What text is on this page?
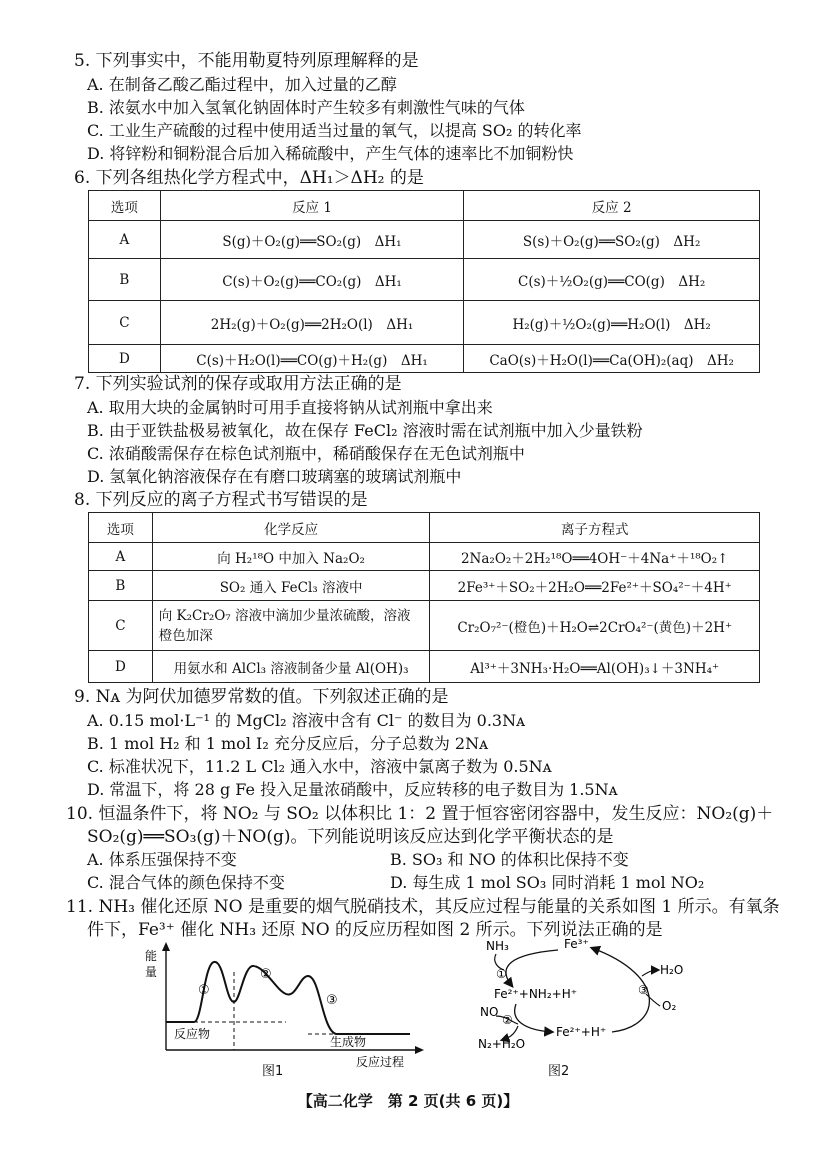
5. 下列事实中，不能用勒夏特列原理解释的是
A. 在制备乙酸乙酯过程中，加入过量的乙醇
B. 浓氨水中加入氢氧化钠固体时产生较多有刺激性气味的气体
C. 工业生产硫酸的过程中使用适当过量的氧气，以提高 SO₂ 的转化率
D. 将锌粉和铜粉混合后加入稀硫酸中，产生气体的速率比不加铜粉快
6. 下列各组热化学方程式中，ΔH₁＞ΔH₂ 的是
选项	反应 1	反应 2
A	S(g)＋O₂(g)══SO₂(g)　ΔH₁	S(s)＋O₂(g)══SO₂(g)　ΔH₂
B	C(s)＋O₂(g)══CO₂(g)　ΔH₁	C(s)＋½O₂(g)══CO(g)　ΔH₂
C	2H₂(g)＋O₂(g)══2H₂O(l)　ΔH₁	H₂(g)＋½O₂(g)══H₂O(l)　ΔH₂
D	C(s)＋H₂O(l)══CO(g)＋H₂(g)　ΔH₁	CaO(s)＋H₂O(l)══Ca(OH)₂(aq)　ΔH₂
7. 下列实验试剂的保存或取用方法正确的是
A. 取用大块的金属钠时可用手直接将钠从试剂瓶中拿出来
B. 由于亚铁盐极易被氧化，故在保存 FeCl₂ 溶液时需在试剂瓶中加入少量铁粉
C. 浓硝酸需保存在棕色试剂瓶中，稀硝酸保存在无色试剂瓶中
D. 氢氧化钠溶液保存在有磨口玻璃塞的玻璃试剂瓶中
8. 下列反应的离子方程式书写错误的是
选项	化学反应	离子方程式
A	向 H₂¹⁸O 中加入 Na₂O₂	2Na₂O₂＋2H₂¹⁸O══4OH⁻＋4Na⁺＋¹⁸O₂↑
B	SO₂ 通入 FeCl₃ 溶液中	2Fe³⁺＋SO₂＋2H₂O══2Fe²⁺＋SO₄²⁻＋4H⁺
C	向 K₂Cr₂O₇ 溶液中滴加少量浓硫酸，溶液
橙色加深	Cr₂O₇²⁻(橙色)＋H₂O⇌2CrO₄²⁻(黄色)＋2H⁺
D	用氨水和 AlCl₃ 溶液制备少量 Al(OH)₃	Al³⁺＋3NH₃·H₂O══Al(OH)₃↓＋3NH₄⁺
9. Nᴀ 为阿伏加德罗常数的值。下列叙述正确的是
A. 0.15 mol·L⁻¹ 的 MgCl₂ 溶液中含有 Cl⁻ 的数目为 0.3Nᴀ
B. 1 mol H₂ 和 1 mol I₂ 充分反应后，分子总数为 2Nᴀ
C. 标准状况下，11.2 L Cl₂ 通入水中，溶液中氯离子数为 0.5Nᴀ
D. 常温下，将 28 g Fe 投入足量浓硝酸中，反应转移的电子数目为 1.5Nᴀ
10. 恒温条件下，将 NO₂ 与 SO₂ 以体积比 1：2 置于恒容密闭容器中，发生反应：NO₂(g)＋
SO₂(g)══SO₃(g)＋NO(g)。下列能说明该反应达到化学平衡状态的是
A. 体系压强保持不变	B. SO₃ 和 NO 的体积比保持不变
C. 混合气体的颜色保持不变	D. 每生成 1 mol SO₃ 同时消耗 1 mol NO₂
11. NH₃ 催化还原 NO 是重要的烟气脱硝技术，其反应过程与能量的关系如图 1 所示。有氧条
件下，Fe³⁺ 催化 NH₃ 还原 NO 的反应历程如图 2 所示。下列说法正确的是
能
量
①
②
③
反应物
生成物
反应过程
图1
NH₃	Fe³⁺
H₂O
O₂
Fe²⁺+NH₂+H⁺
NO
Fe²⁺+H⁺
N₂+H₂O
①
②
③
图2
【高二化学　第 2 页(共 6 页)】
